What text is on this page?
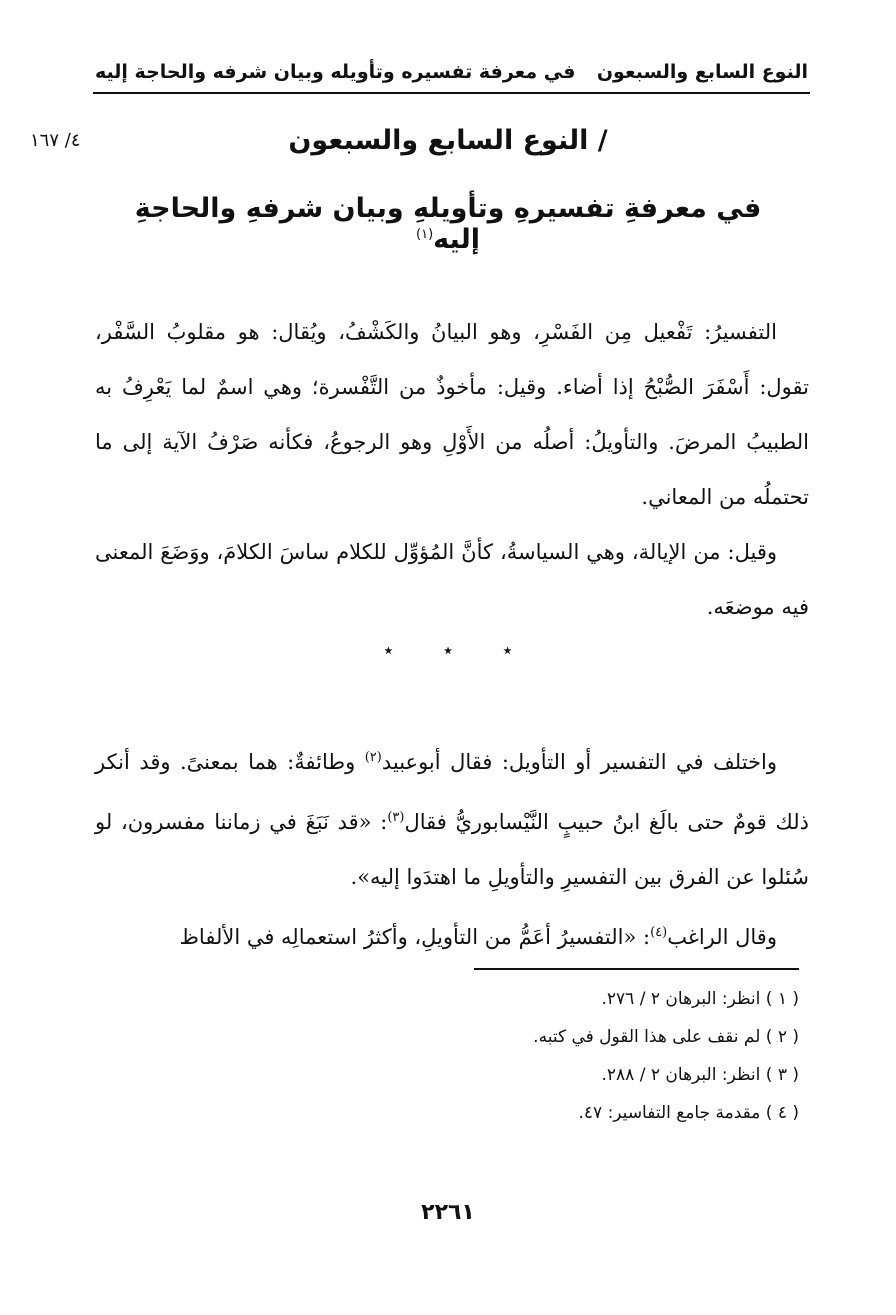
النوع السابع والسبعون
في معرفة تفسيره وتأويله وبيان شرفه والحاجة إليه
٤/ ١٦٧	/ النوع السابع والسبعون
في معرفةِ تفسيرهِ وتأويلهِ وبيان شرفهِ والحاجةِ إليه$^{(١)}$

التفسيرُ: تَفْعيل مِن الفَسْرِ، وهو البيانُ والكَشْفُ، ويُقال: هو مقلوبُ السَّفْر، تقول: أَسْفَرَ الصُّبْحُ إذا أضاء. وقيل: مأخوذٌ من التَّفْسرة؛ وهي اسمٌ لما يَعْرِفُ به الطبيبُ المرضَ. والتأويلُ: أصلُه من الأَوْلِ وهو الرجوعُ، فكأنه صَرْفُ الآية إلى ما تحتملُه من المعاني.

وقيل: من الإيالة، وهي السياسةُ، كأنَّ المُؤوِّل للكلام ساسَ الكلامَ، ووَضَعَ المعنى فيه موضعَه.

٭ ٭ ٭

واختلف في التفسير أو التأويل: فقال أبوعبيد$^{(٢)}$ وطائفةٌ: هما بمعنىً. وقد أنكر ذلك قومٌ حتى بالَغ ابنُ حبيبٍ النَّيْسابوريُّ فقال$^{(٣)}$: «قد نَبَغَ في زماننا مفسرون، لو سُئلوا عن الفرق بين التفسيرِ والتأويلِ ما اهتدَوا إليه».

وقال الراغب$^{(٤)}$: «التفسيرُ أعَمُّ من التأويلِ، وأكثرُ استعمالِه في الألفاظ

( ١ ) انظر: البرهان ٢ / ٢٧٦.
( ٢ ) لم نقف على هذا القول في كتبه.
( ٣ ) انظر: البرهان ٢ / ٢٨٨.
( ٤ ) مقدمة جامع التفاسير: ٤٧.
٢٢٦١
